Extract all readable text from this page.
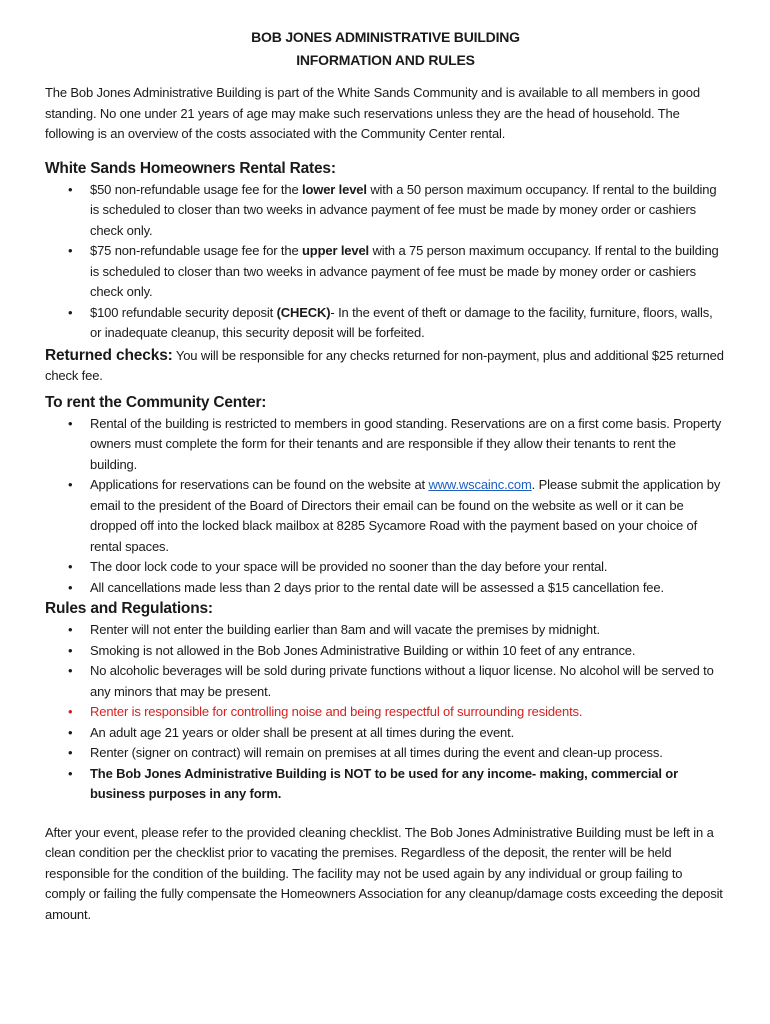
BOB JONES ADMINISTRATIVE BUILDING
INFORMATION AND RULES

The Bob Jones Administrative Building is part of the White Sands Community and is available to all members in good standing. No one under 21 years of age may make such reservations unless they are the head of household. The following is an overview of the costs associated with the Community Center rental.

White Sands Homeowners Rental Rates:
• $50 non-refundable usage fee for the lower level with a 50 person maximum occupancy. If rental to the building is scheduled to closer than two weeks in advance payment of fee must be made by money order or cashiers check only.
• $75 non-refundable usage fee for the upper level with a 75 person maximum occupancy. If rental to the building is scheduled to closer than two weeks in advance payment of fee must be made by money order or cashiers check only.
• $100 refundable security deposit (CHECK)- In the event of theft or damage to the facility, furniture, floors, walls, or inadequate cleanup, this security deposit will be forfeited.

Returned checks: You will be responsible for any checks returned for non-payment, plus and additional $25 returned check fee.

To rent the Community Center:
• Rental of the building is restricted to members in good standing. Reservations are on a first come basis. Property owners must complete the form for their tenants and are responsible if they allow their tenants to rent the building.
• Applications for reservations can be found on the website at www.wscainc.com. Please submit the application by email to the president of the Board of Directors their email can be found on the website as well or it can be dropped off into the locked black mailbox at 8285 Sycamore Road with the payment based on your choice of rental spaces.
• The door lock code to your space will be provided no sooner than the day before your rental.
• All cancellations made less than 2 days prior to the rental date will be assessed a $15 cancellation fee.
Rules and Regulations:
• Renter will not enter the building earlier than 8am and will vacate the premises by midnight.
• Smoking is not allowed in the Bob Jones Administrative Building or within 10 feet of any entrance.
• No alcoholic beverages will be sold during private functions without a liquor license. No alcohol will be served to any minors that may be present.
• Renter is responsible for controlling noise and being respectful of surrounding residents.
• An adult age 21 years or older shall be present at all times during the event.
• Renter (signer on contract) will remain on premises at all times during the event and clean-up process.
• The Bob Jones Administrative Building is NOT to be used for any income- making, commercial or business purposes in any form.

After your event, please refer to the provided cleaning checklist. The Bob Jones Administrative Building must be left in a clean condition per the checklist prior to vacating the premises. Regardless of the deposit, the renter will be held responsible for the condition of the building. The facility may not be used again by any individual or group failing to comply or failing the fully compensate the Homeowners Association for any cleanup/damage costs exceeding the deposit amount.
